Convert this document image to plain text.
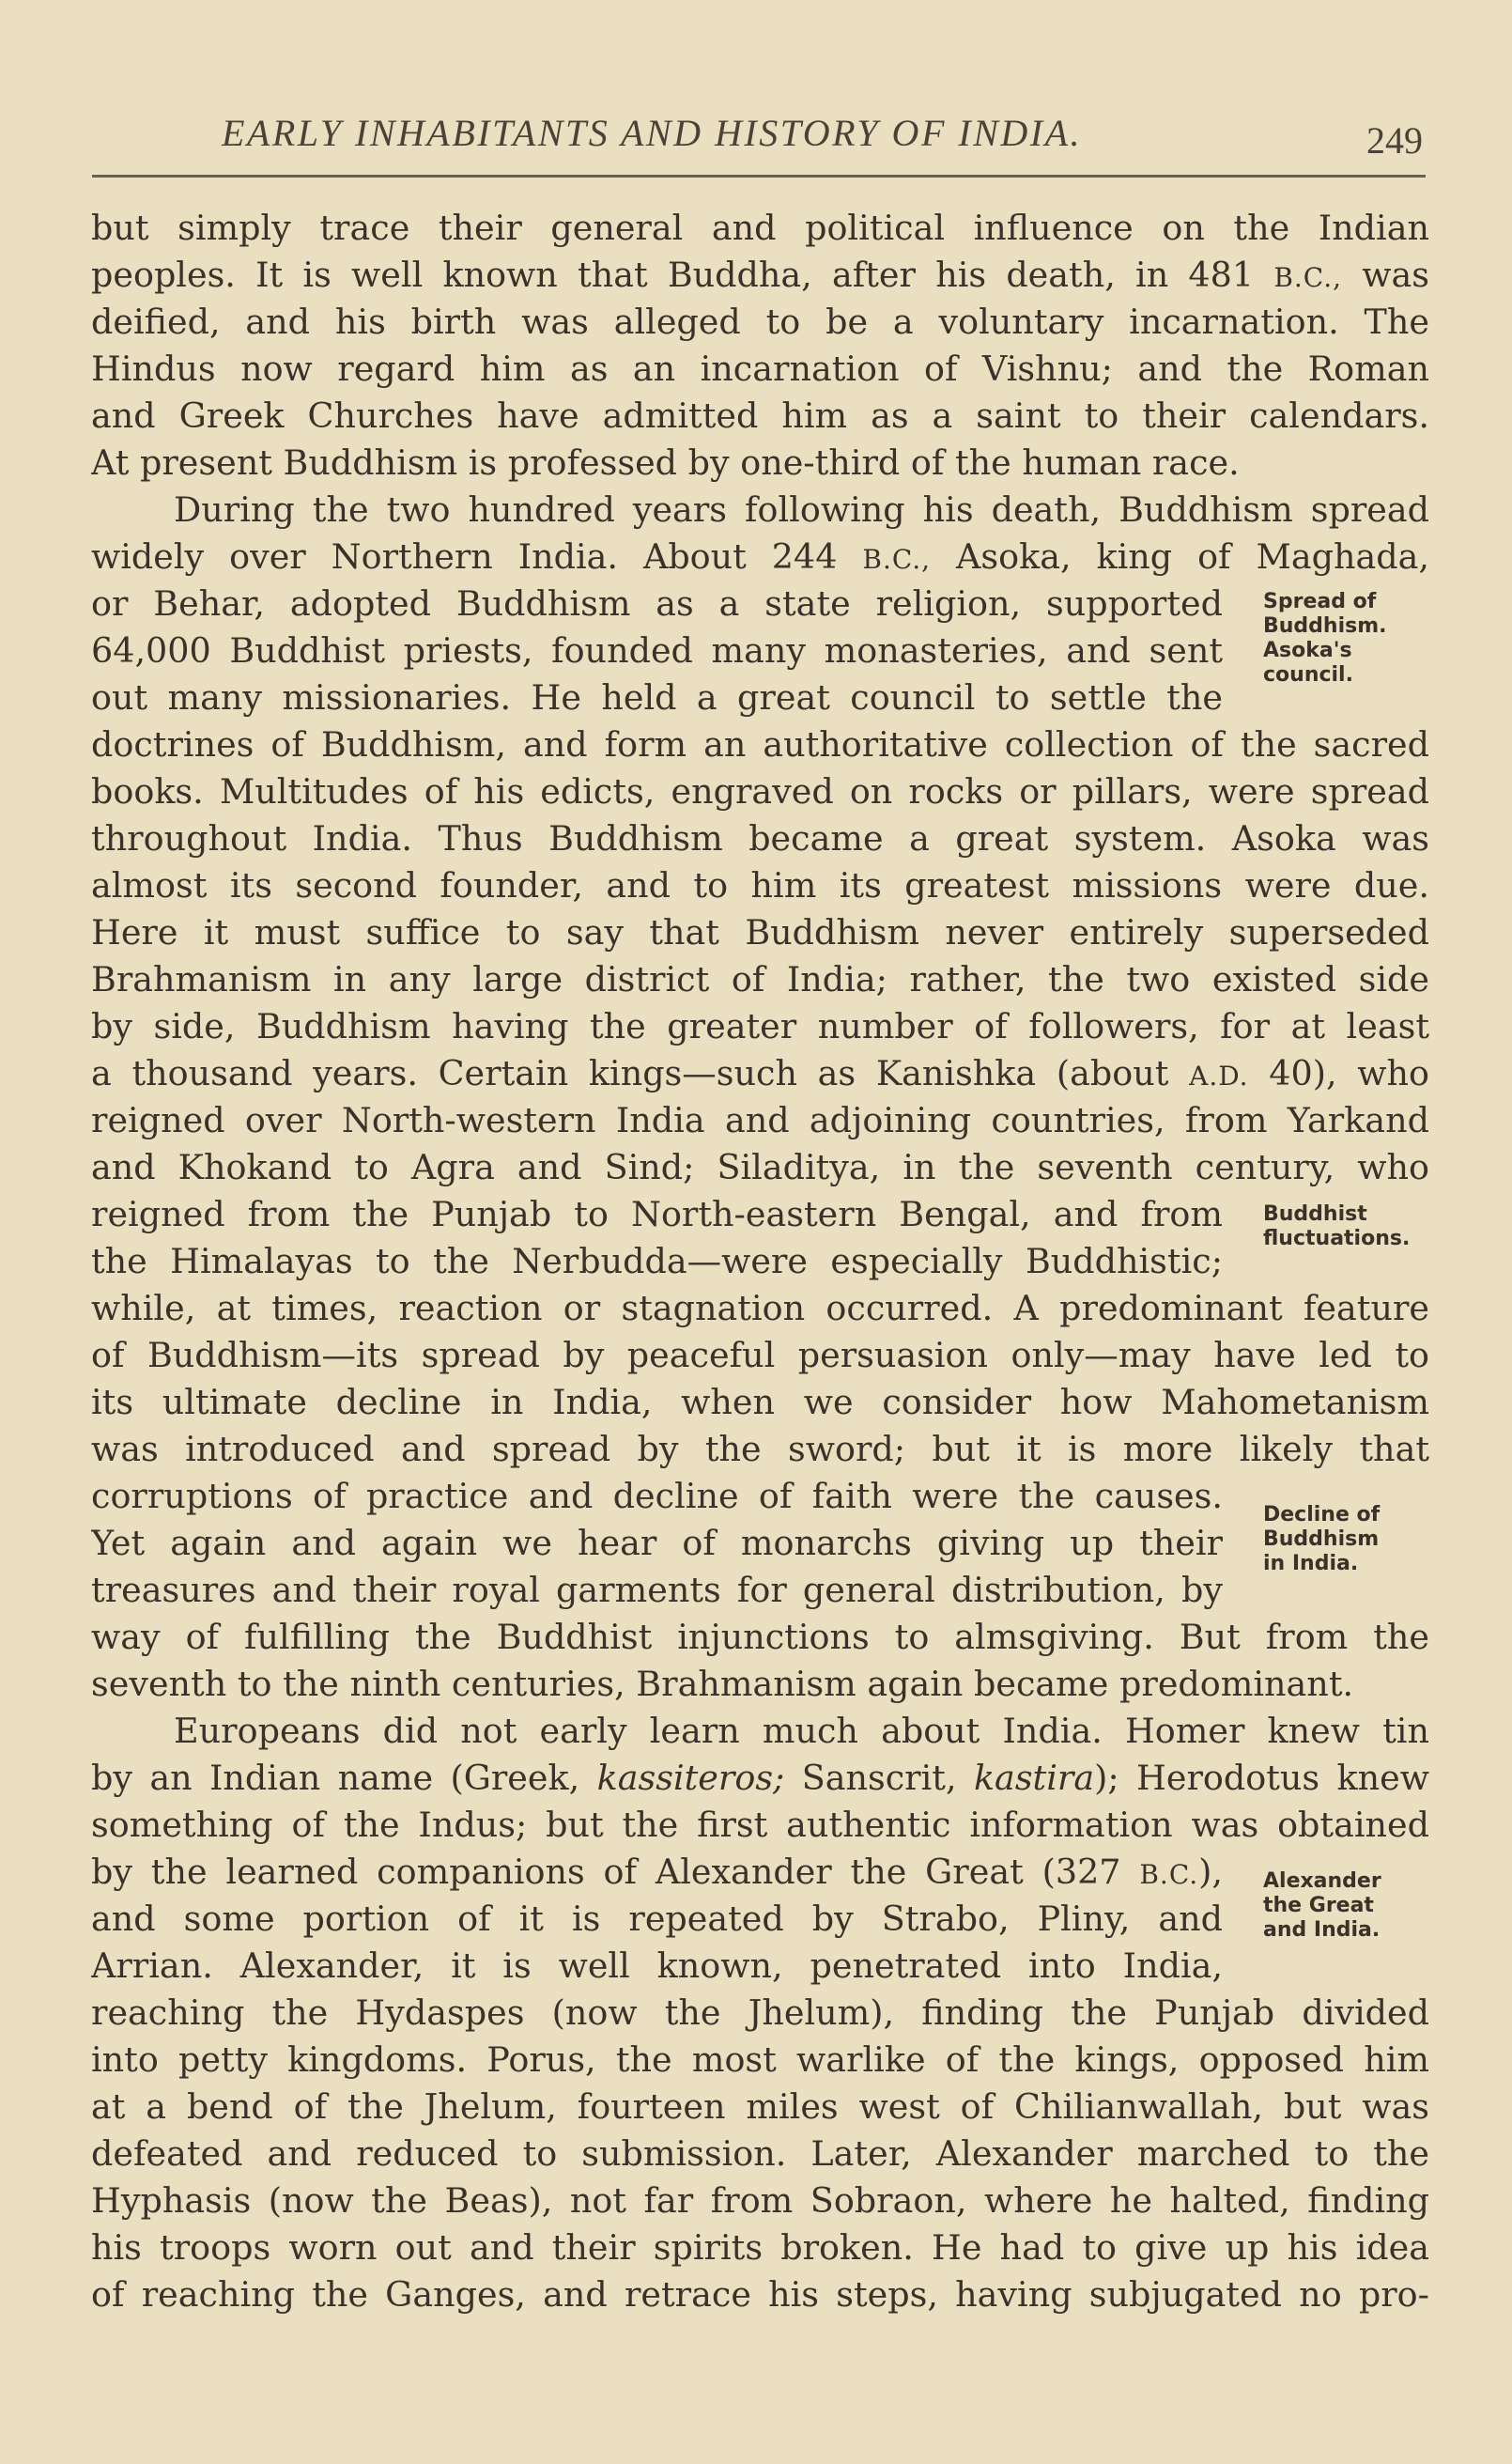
EARLY INHABITANTS AND HISTORY OF INDIA.	249
Spread of
Buddhism.
Asoka's
council.
Buddhist
fluctuations.
Decline of
Buddhism
in India.
Alexander
the Great
and India.
but simply trace their general and political influence on the Indian
peoples. It is well known that Buddha, after his death, in 481 B.C., was
deified, and his birth was alleged to be a voluntary incarnation. The
Hindus now regard him as an incarnation of Vishnu; and the Roman
and Greek Churches have admitted him as a saint to their calendars.
At present Buddhism is professed by one-third of the human race.
During the two hundred years following his death, Buddhism spread
widely over Northern India. About 244 B.C., Asoka, king of Maghada,
or Behar, adopted Buddhism as a state religion, supported
64,000 Buddhist priests, founded many monasteries, and sent
out many missionaries. He held a great council to settle the
doctrines of Buddhism, and form an authoritative collection of the sacred
books. Multitudes of his edicts, engraved on rocks or pillars, were spread
throughout India. Thus Buddhism became a great system. Asoka was
almost its second founder, and to him its greatest missions were due.
Here it must suffice to say that Buddhism never entirely superseded
Brahmanism in any large district of India; rather, the two existed side
by side, Buddhism having the greater number of followers, for at least
a thousand years. Certain kings—such as Kanishka (about A.D. 40), who
reigned over North-western India and adjoining countries, from Yarkand
and Khokand to Agra and Sind; Siladitya, in the seventh century, who
reigned from the Punjab to North-eastern Bengal, and from
the Himalayas to the Nerbudda—were especially Buddhistic;
while, at times, reaction or stagnation occurred. A predominant feature
of Buddhism—its spread by peaceful persuasion only—may have led to
its ultimate decline in India, when we consider how Mahometanism
was introduced and spread by the sword; but it is more likely that
corruptions of practice and decline of faith were the causes.
Yet again and again we hear of monarchs giving up their
treasures and their royal garments for general distribution, by
way of fulfilling the Buddhist injunctions to almsgiving. But from the
seventh to the ninth centuries, Brahmanism again became predominant.
Europeans did not early learn much about India. Homer knew tin
by an Indian name (Greek, kassiteros; Sanscrit, kastira); Herodotus knew
something of the Indus; but the first authentic information was obtained
by the learned companions of Alexander the Great (327 B.C.),
and some portion of it is repeated by Strabo, Pliny, and
Arrian. Alexander, it is well known, penetrated into India,
reaching the Hydaspes (now the Jhelum), finding the Punjab divided
into petty kingdoms. Porus, the most warlike of the kings, opposed him
at a bend of the Jhelum, fourteen miles west of Chilianwallah, but was
defeated and reduced to submission. Later, Alexander marched to the
Hyphasis (now the Beas), not far from Sobraon, where he halted, finding
his troops worn out and their spirits broken. He had to give up his idea
of reaching the Ganges, and retrace his steps, having subjugated no pro-
